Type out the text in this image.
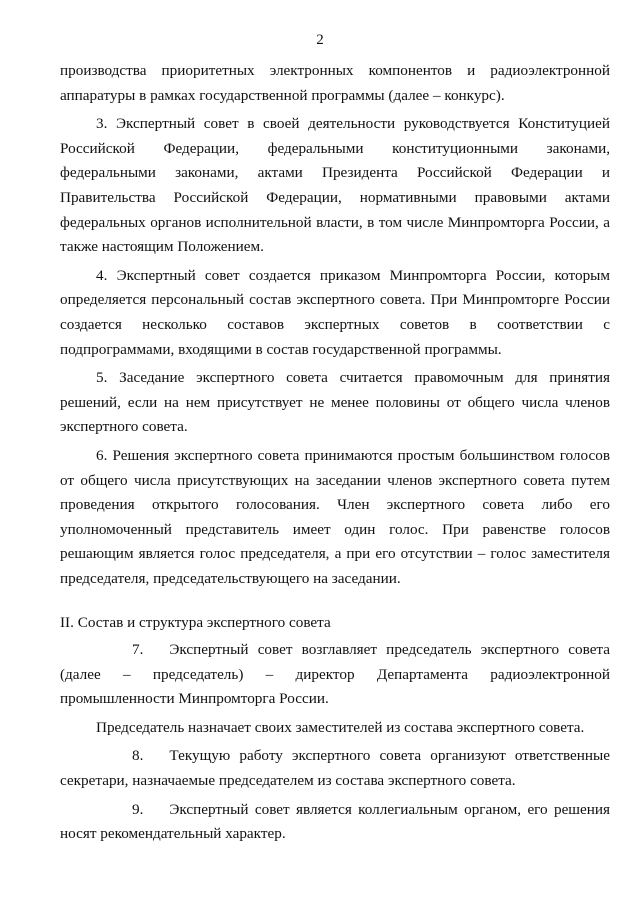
2

производства приоритетных электронных компонентов и радиоэлектронной аппаратуры в рамках государственной программы (далее – конкурс).

3. Экспертный совет в своей деятельности руководствуется Конституцией Российской Федерации, федеральными конституционными законами, федеральными законами, актами Президента Российской Федерации и Правительства Российской Федерации, нормативными правовыми актами федеральных органов исполнительной власти, в том числе Минпромторга России, а также настоящим Положением.

4. Экспертный совет создается приказом Минпромторга России, которым определяется персональный состав экспертного совета. При Минпромторге России создается несколько составов экспертных советов в соответствии с подпрограммами, входящими в состав государственной программы.

5. Заседание экспертного совета считается правомочным для принятия решений, если на нем присутствует не менее половины от общего числа членов экспертного совета.

6. Решения экспертного совета принимаются простым большинством голосов от общего числа присутствующих на заседании членов экспертного совета путем проведения открытого голосования. Член экспертного совета либо его уполномоченный представитель имеет один голос. При равенстве голосов решающим является голос председателя, а при его отсутствии – голос заместителя председателя, председательствующего на заседании.

II. Состав и структура экспертного совета

7. Экспертный совет возглавляет председатель экспертного совета (далее – председатель) – директор Департамента радиоэлектронной промышленности Минпромторга России.

Председатель назначает своих заместителей из состава экспертного совета.

8. Текущую работу экспертного совета организуют ответственные секретари, назначаемые председателем из состава экспертного совета.

9. Экспертный совет является коллегиальным органом, его решения носят рекомендательный характер.
